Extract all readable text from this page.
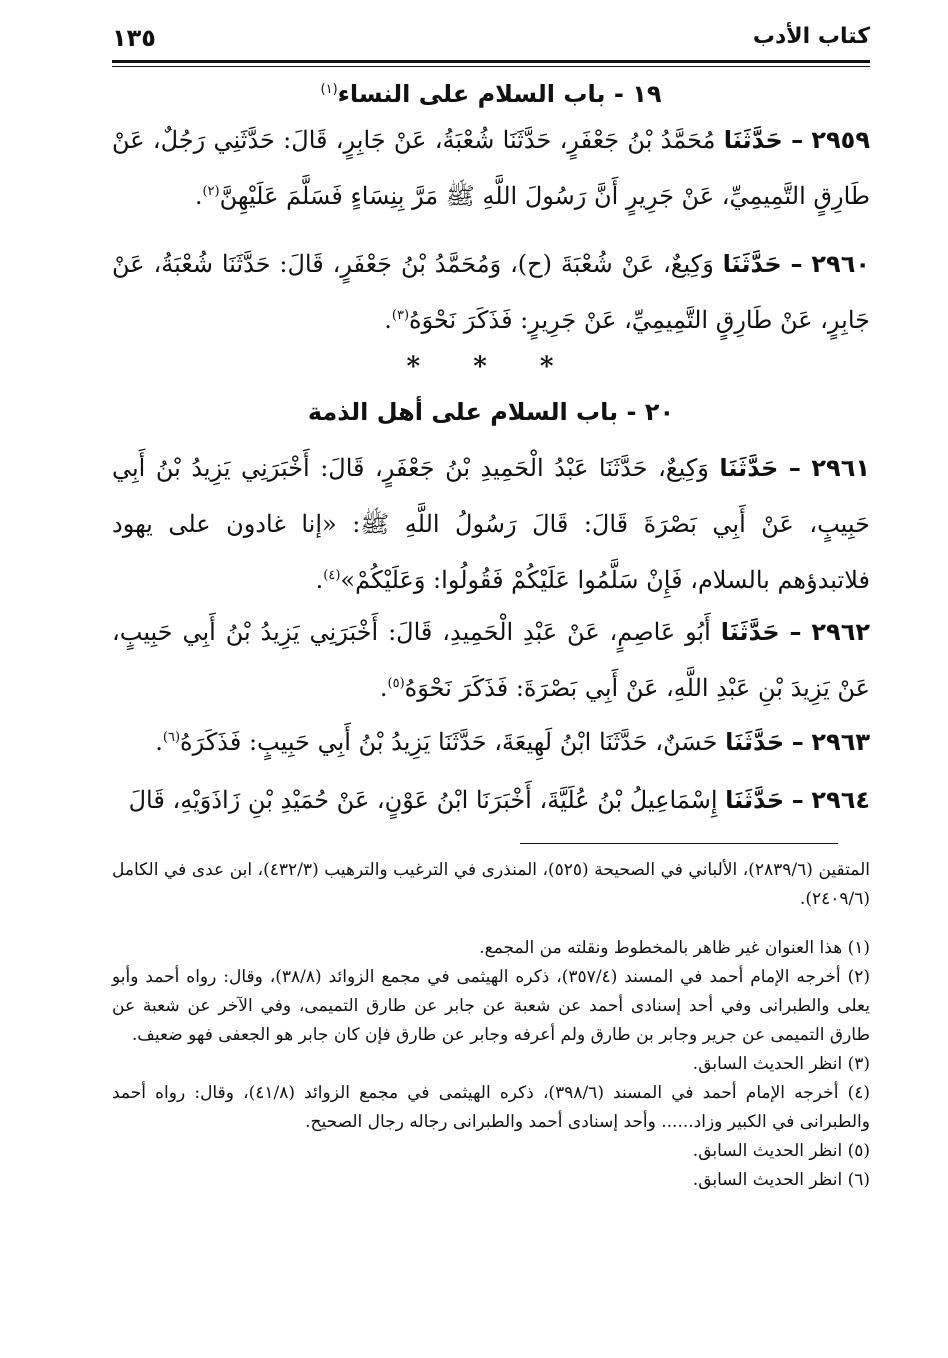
كتاب الأدب
١٣٥
١٩ - باب السلام على النساء$^{(١)}$

٢٩٥٩ – حَدَّثَنَا مُحَمَّدُ بْنُ جَعْفَرٍ، حَدَّثَنَا شُعْبَةُ، عَنْ جَابِرٍ، قَالَ: حَدَّثَنِي رَجُلٌ، عَنْ طَارِقٍ التَّمِيمِيِّ، عَنْ جَرِيرٍ أَنَّ رَسُولَ اللَّهِ ﷺ مَرَّ بِنِسَاءٍ فَسَلَّمَ عَلَيْهِنَّ$^{(٢)}$.

٢٩٦٠ – حَدَّثَنَا وَكِيعٌ، عَنْ شُعْبَةَ (ح)، وَمُحَمَّدُ بْنُ جَعْفَرٍ، قَالَ: حَدَّثَنَا شُعْبَةُ، عَنْ جَابِرٍ، عَنْ طَارِقٍ التَّمِيمِيِّ، عَنْ جَرِيرٍ: فَذَكَرَ نَحْوَهُ$^{(٣)}$.

* * *
٢٠ - باب السلام على أهل الذمة

٢٩٦١ – حَدَّثَنَا وَكِيعٌ، حَدَّثَنَا عَبْدُ الْحَمِيدِ بْنُ جَعْفَرٍ، قَالَ: أَخْبَرَنِي يَزِيدُ بْنُ أَبِي حَبِيبٍ، عَنْ أَبِي بَصْرَةَ قَالَ: قَالَ رَسُولُ اللَّهِ ﷺ: «إنا غادون على يهود فلاتبدؤهم بالسلام، فَإِنْ سَلَّمُوا عَلَيْكُمْ فَقُولُوا: وَعَلَيْكُمْ»$^{(٤)}$.

٢٩٦٢ – حَدَّثَنَا أَبُو عَاصِمٍ، عَنْ عَبْدِ الْحَمِيدِ، قَالَ: أَخْبَرَنِي يَزِيدُ بْنُ أَبِي حَبِيبٍ، عَنْ يَزِيدَ بْنِ عَبْدِ اللَّهِ، عَنْ أَبِي بَصْرَةَ: فَذَكَرَ نَحْوَهُ$^{(٥)}$.

٢٩٦٣ – حَدَّثَنَا حَسَنٌ، حَدَّثَنَا ابْنُ لَهِيعَةَ، حَدَّثَنَا يَزِيدُ بْنُ أَبِي حَبِيبٍ: فَذَكَرَهُ$^{(٦)}$.

٢٩٦٤ – حَدَّثَنَا إِسْمَاعِيلُ بْنُ عُلَيَّةَ، أَخْبَرَنَا ابْنُ عَوْنٍ، عَنْ حُمَيْدِ بْنِ زَاذَوَيْهِ، قَالَ

المتقين (٢٨٣٩/٦)، الألباني في الصحيحة (٥٢٥)، المنذرى في الترغيب والترهيب (٤٣٢/٣)، ابن عدى في الكامل (٢٤٠٩/٦).

(١) هذا العنوان غير ظاهر بالمخطوط ونقلته من المجمع.
(٢) أخرجه الإمام أحمد في المسند (٣٥٧/٤)، ذكره الهيثمى في مجمع الزوائد (٣٨/٨)، وقال: رواه أحمد وأبو يعلى والطبرانى وفي أحد إسنادى أحمد عن شعبة عن جابر عن طارق التميمى، وفي الآخر عن شعبة عن طارق التميمى عن جرير وجابر بن طارق ولم أعرفه وجابر عن طارق فإن كان جابر هو الجعفى فهو ضعيف.
(٣) انظر الحديث السابق.
(٤) أخرجه الإمام أحمد في المسند (٣٩٨/٦)، ذكره الهيثمى في مجمع الزوائد (٤١/٨)، وقال: رواه أحمد والطبرانى في الكبير وزاد...... وأحد إسنادى أحمد والطبرانى رجاله رجال الصحيح.
(٥) انظر الحديث السابق.
(٦) انظر الحديث السابق.
